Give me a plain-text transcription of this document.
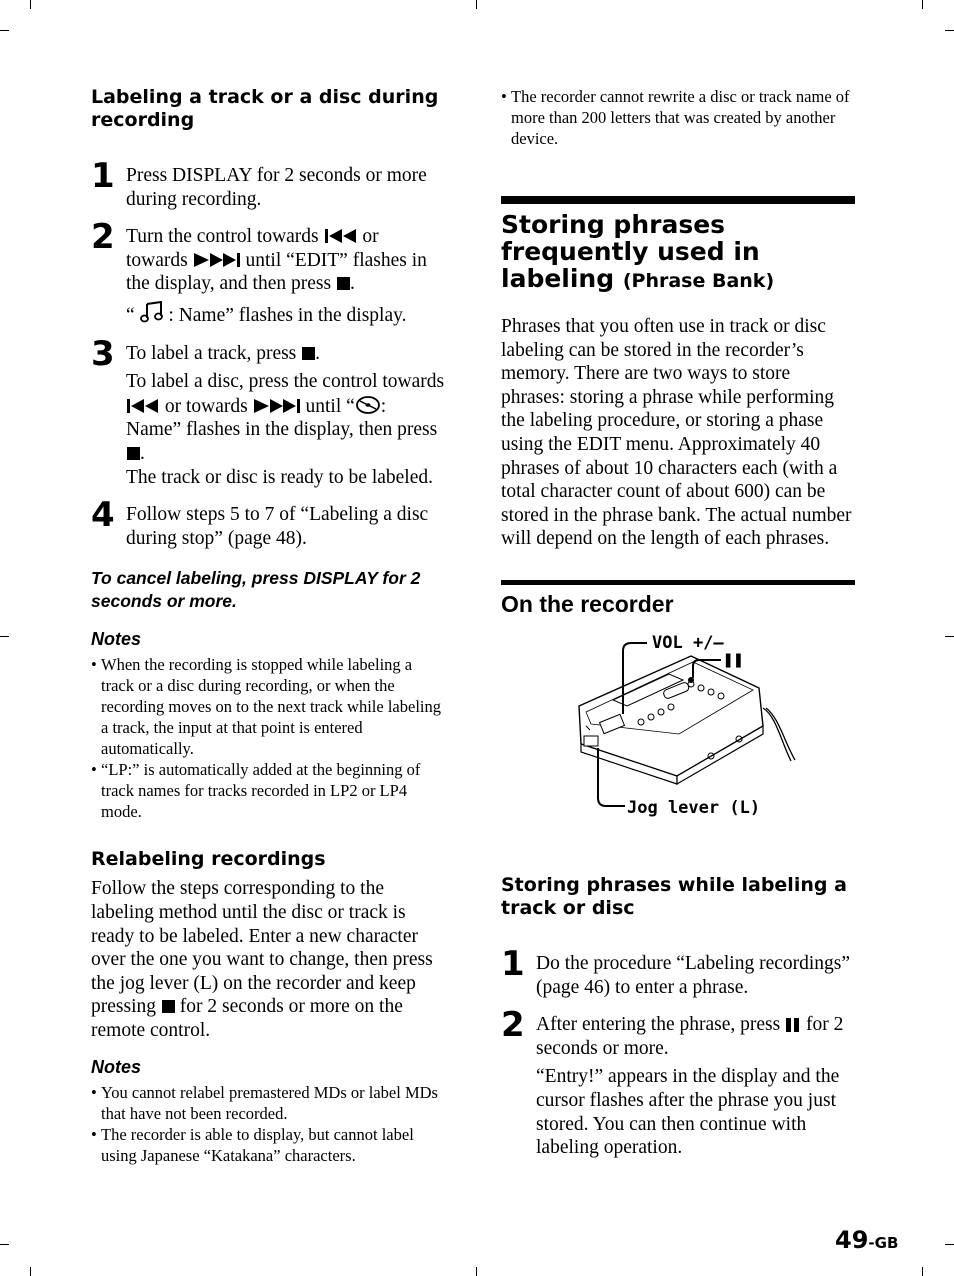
Labeling a track or a disc during recording
1 Press DISPLAY for 2 seconds or more during recording.

2 Turn the control towards or towards	until “EDIT” flashes in the display, and then press .

“ : Name” flashes in the display.

3 To label a track, press .

To label a disc, press the control towards  or towards	until “ : Name” flashes in the display, then press .
The track or disc is ready to be labeled.

4 Follow steps 5 to 7 of “Labeling a disc during stop” (page 48).

To cancel labeling, press DISPLAY for 2 seconds or more.

Notes

• When the recording is stopped while labeling a track or a disc during recording, or when the recording moves on to the next track while labeling a track, the input at that point is entered automatically.
• “LP:” is automatically added at the beginning of track names for tracks recorded in LP2 or LP4 mode.
Relabeling recordings

Follow the steps corresponding to the labeling method until the disc or track is ready to be labeled. Enter a new character over the one you want to change, then press the jog lever (L) on the recorder and keep pressing for 2 seconds or more on the remote control.

Notes

• You cannot relabel premastered MDs or label MDs that have not been recorded.
• The recorder is able to display, but cannot label using Japanese “Katakana” characters.
• The recorder cannot rewrite a disc or track name of more than 200 letters that was created by another device.
Storing phrases frequently used in labeling (Phrase Bank)

Phrases that you often use in track or disc labeling can be stored in the recorder’s memory. There are two ways to store phrases: storing a phrase while performing the labeling procedure, or storing a phase using the EDIT menu. Approximately 40 phrases of about 10 characters each (with a total character count of about 600) can be stored in the phrase bank. The actual number will depend on the length of each phrases.

On the recorder
VOL +/–
❚❚
Jog lever (L)
Storing phrases while labeling a track or disc
1 Do the procedure “Labeling recordings” (page 46) to enter a phrase.

2 After entering the phrase, press for 2 seconds or more.

“Entry!” appears in the display and the cursor flashes after the phrase you just stored. You can then continue with labeling operation.

49-GB
